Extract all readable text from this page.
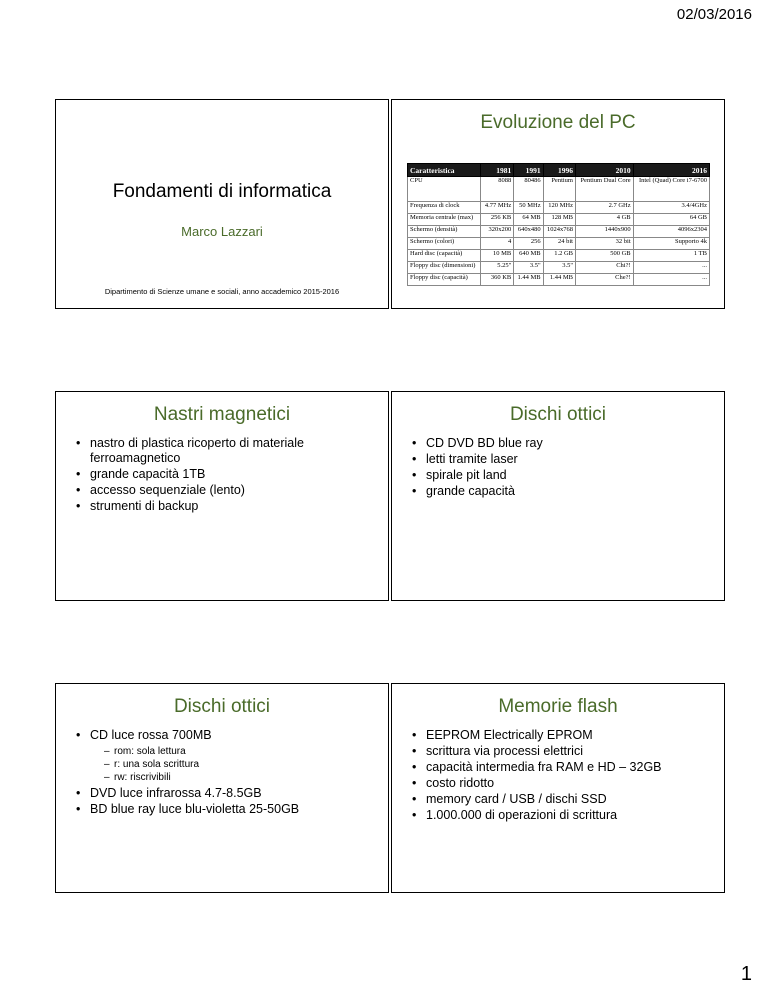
02/03/2016
Fondamenti di informatica
Marco Lazzari
Dipartimento di Scienze umane e sociali, anno accademico 2015-2016
Evoluzione del PC
Caratteristica	1981	1991	1996	2010	2016
CPU	8088	80486	Pentium	Pentium Dual Core	Intel (Quad) Core i7-6700
Frequenza di clock	4.77 MHz	50 MHz	120 MHz	2.7 GHz	3.4/4GHz
Memoria centrale (max)	256 KB	64 MB	128 MB	4 GB	64 GB
Schermo (densità)	320x200	640x480	1024x768	1440x900	4096x2304
Schermo (colori)	4	256	24 bit	32 bit	Supporto 4k
Hard disc (capacità)	10 MB	640 MB	1.2 GB	500 GB	1 TB
Floppy disc (dimensioni)	5.25"	3.5"	3.5"	Chi?!	...
Floppy disc (capacità)	360 KB	1.44 MB	1.44 MB	Che?!	...
Nastri magnetici
• nastro di plastica ricoperto di materiale ferroamagnetico
• grande capacità 1TB
• accesso sequenziale (lento)
• strumenti di backup
Dischi ottici
• CD DVD BD blue ray
• letti tramite laser
• spirale pit land
• grande capacità
Dischi ottici
• CD luce rossa 700MB
– rom: sola lettura
– r: una sola scrittura
– rw: riscrivibili
• DVD luce infrarossa 4.7-8.5GB
• BD blue ray luce blu-violetta 25-50GB
Memorie flash
• EEPROM Electrically EPROM
• scrittura via processi elettrici
• capacità intermedia fra RAM e HD – 32GB
• costo ridotto
• memory card / USB / dischi SSD
• 1.000.000 di operazioni di scrittura
1
